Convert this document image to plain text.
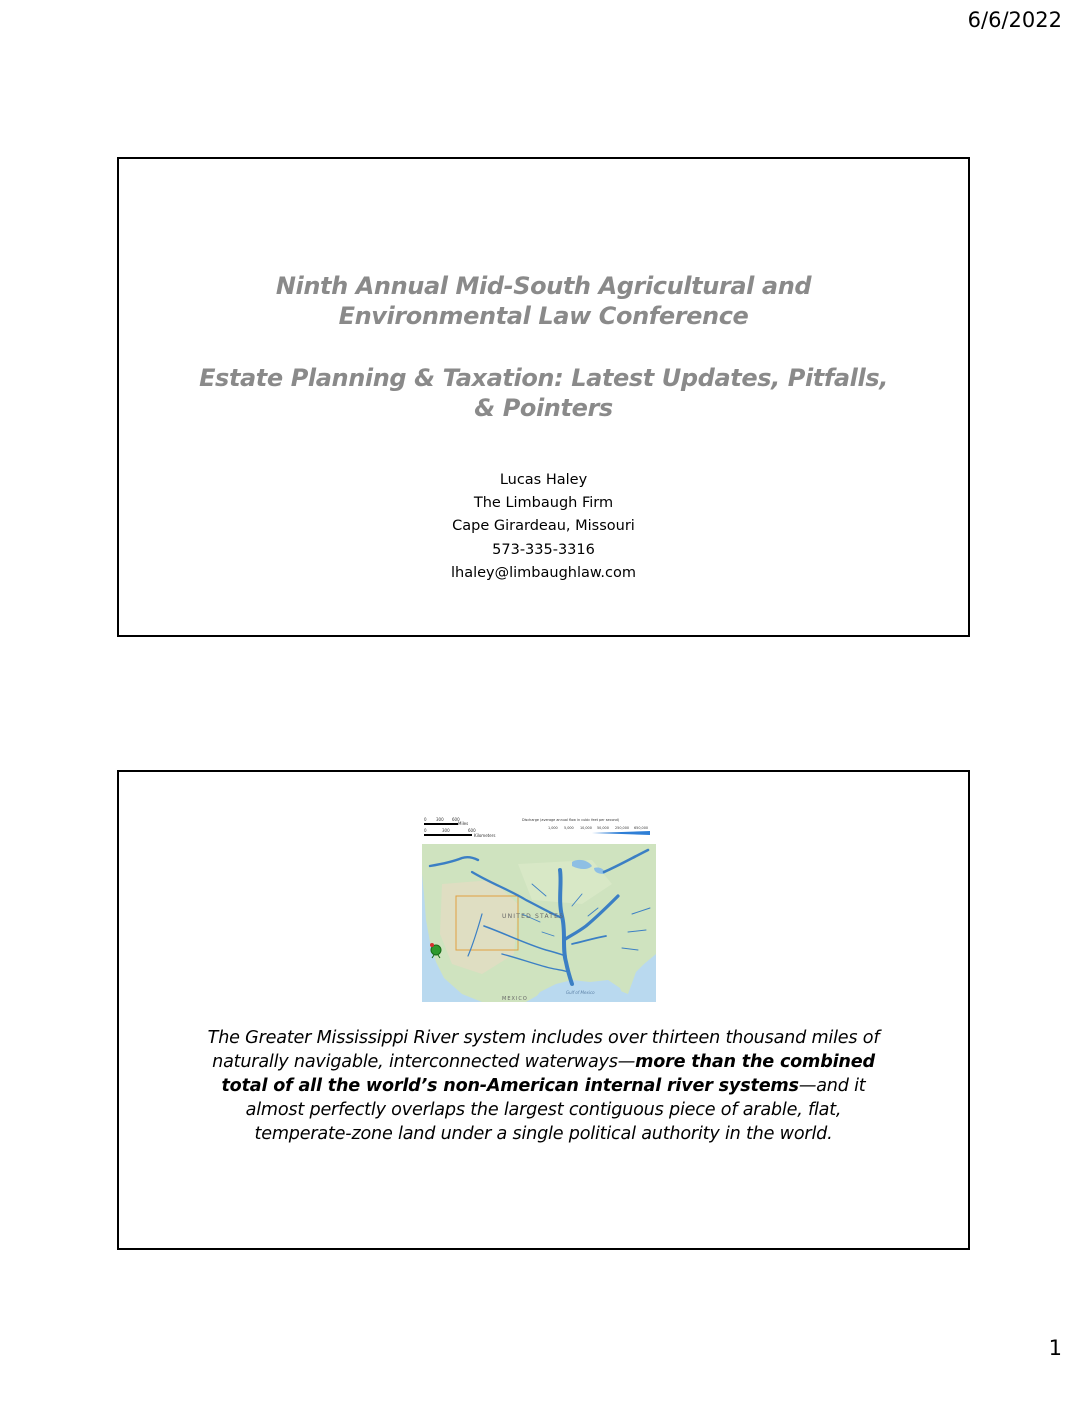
6/6/2022
Ninth Annual Mid-South Agricultural and
Environmental Law Conference
Estate Planning & Taxation: Latest Updates, Pitfalls,
& Pointers
Lucas Haley
The Limbaugh Firm
Cape Girardeau, Missouri
573-335-3316
lhaley@limbaughlaw.com
0 300 600
Miles
0	300	600
Kilometers
Discharge (average annual flow in cubic feet per second)
1,000 5,000 10,000 50,000 250,000 650,000
UNITED STATES
MEXICO
Gulf of Mexico
The Greater Mississippi River system includes over thirteen thousand miles of naturally navigable, interconnected waterways—more than the combined total of all the world’s non-American internal river systems—and it almost perfectly overlaps the largest contiguous piece of arable, flat, temperate-zone land under a single political authority in the world.
1
